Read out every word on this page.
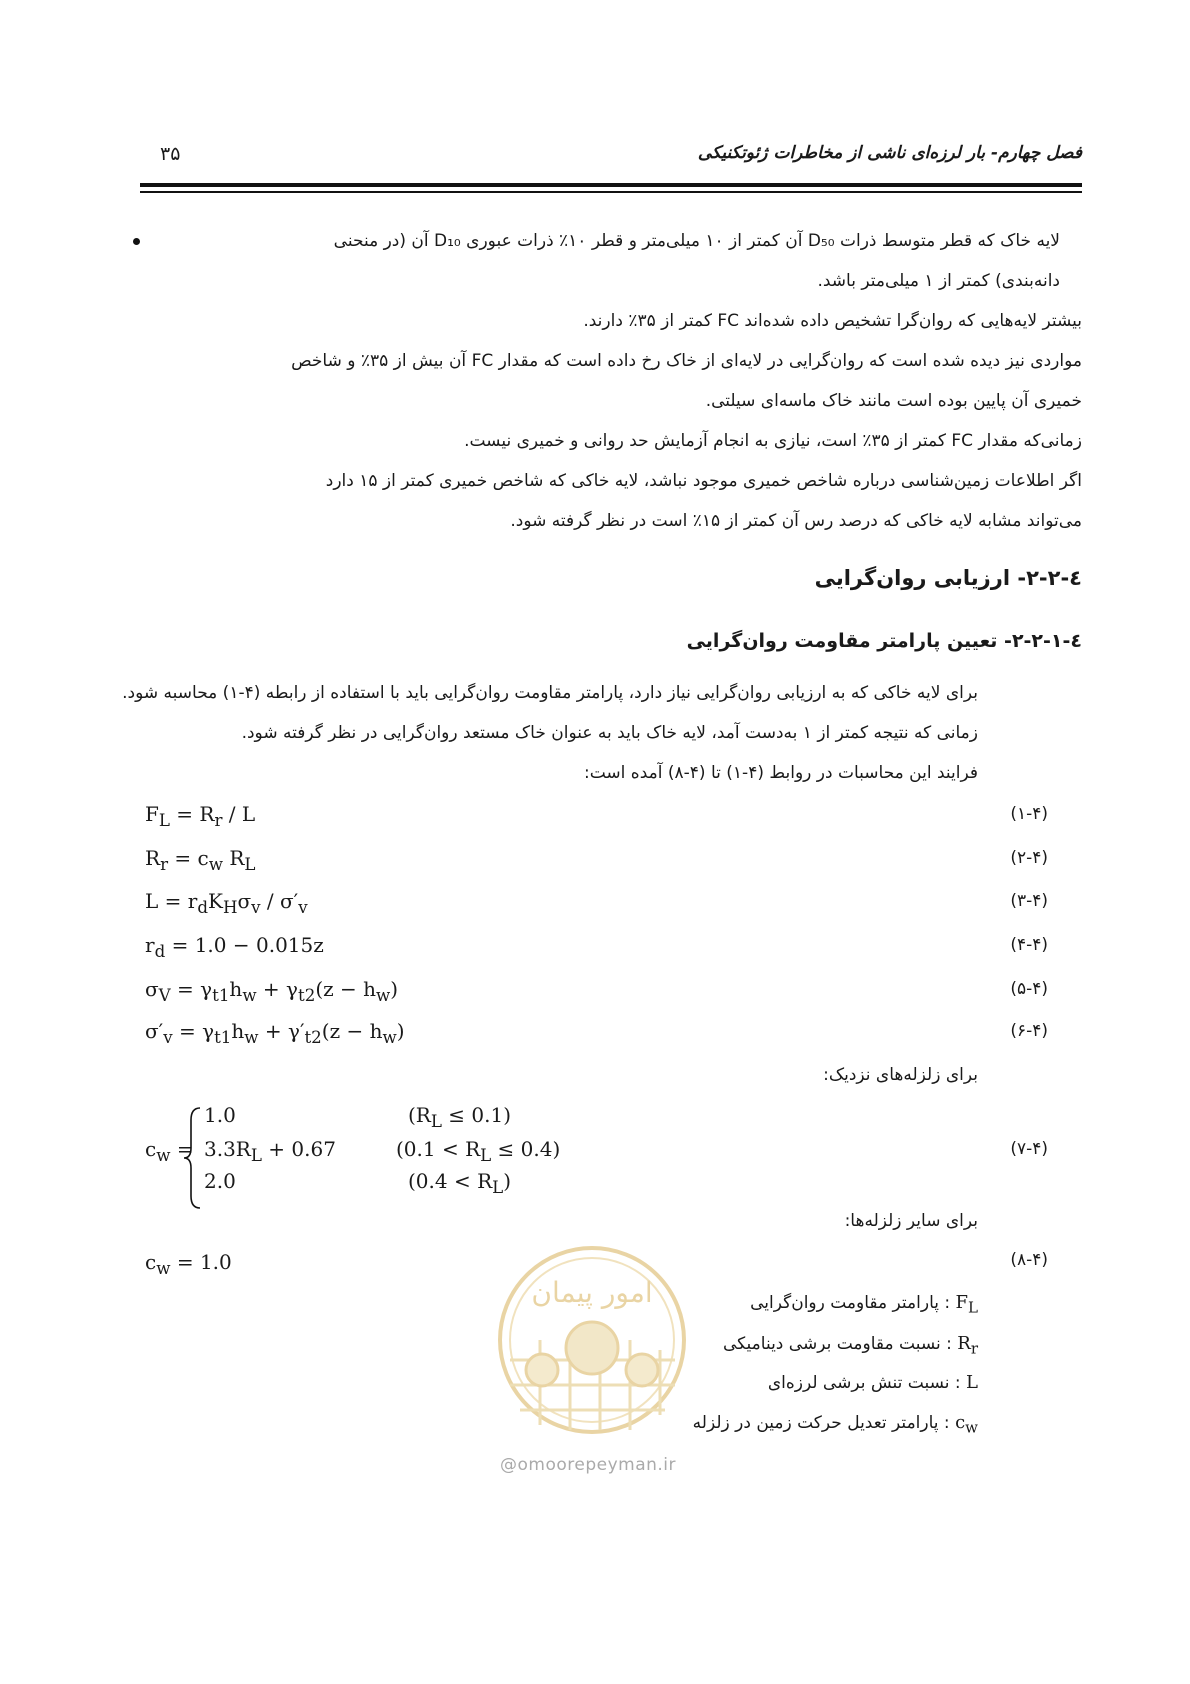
فصل چهارم- بار لرزه‌ای ناشی از مخاطرات ژئوتکنیکی
۳۵
لایه خاک که قطر متوسط ذرات D₅₀ آن کمتر از ۱۰ میلی‌متر و قطر ۱۰٪ ذرات عبوری D₁₀ آن (در منحنی
دانه‌بندی) کمتر از ۱ میلی‌متر باشد.
بیشتر لایه‌هایی که روان‌گرا تشخیص داده شده‌اند FC کمتر از ۳۵٪ دارند.
مواردی نیز دیده شده است که روان‌گرایی در لایه‌ای از خاک رخ داده است که مقدار FC آن بیش از ۳۵٪ و شاخص
خمیری آن پایین بوده است مانند خاک ماسه‌ای سیلتی.
زمانی‌که مقدار FC کمتر از ۳۵٪ است، نیازی به انجام آزمایش حد روانی و خمیری نیست.
اگر اطلاعات زمین‌شناسی درباره شاخص خمیری موجود نباشد، لایه خاکی که شاخص خمیری کمتر از ۱۵ دارد
می‌تواند مشابه لایه خاکی که درصد رس آن کمتر از ۱۵٪ است در نظر گرفته شود.
٤-۲-۲- ارزیابی روان‌گرایی
٤-۲-۲-۱- تعیین پارامتر مقاومت روان‌گرایی
برای لایه خاکی که به ارزیابی روان‌گرایی نیاز دارد، پارامتر مقاومت روان‌گرایی باید با استفاده از رابطه (۴-۱) محاسبه شود.
زمانی که نتیجه کمتر از ۱ به‌دست آمد، لایه خاک باید به عنوان خاک مستعد روان‌گرایی در نظر گرفته شود.
فرایند این محاسبات در روابط (۴-۱) تا (۴-۸) آمده است:
$F_L = R_r / L$	(۱-۴)
$R_r = c_w$ $R_L$	(۲-۴)
$L = r_dK_H\sigma_v / \sigma'_v$	(۳-۴)
$r_d = 1.0 - 0.015z$	(۴-۴)
$\sigma_V = \gamma_{t1}h_w + \gamma_{t2}(z - h_w)$	(۵-۴)
$\sigma'_v = \gamma_{t1}h_w + \gamma'_{t2}(z - h_w)$	(۶-۴)
برای زلزله‌های نزدیک:
$c_w$ =
1.0
$3.3R_L + 0.67$
2.0
$(R_L \le 0.1)$
$(0.1 < R_L \le 0.4)$
$(0.4 < R_L)$
(۷-۴)
برای سایر زلزله‌ها:
$c_w = 1.0$	(۸-۴)
امور پیمان
@omoorepeyman.ir
$F_L$ : پارامتر مقاومت روان‌گرایی
$R_r$ : نسبت مقاومت برشی دینامیکی
L : نسبت تنش برشی لرزه‌ای
$c_w$ : پارامتر تعدیل حرکت زمین در زلزله
